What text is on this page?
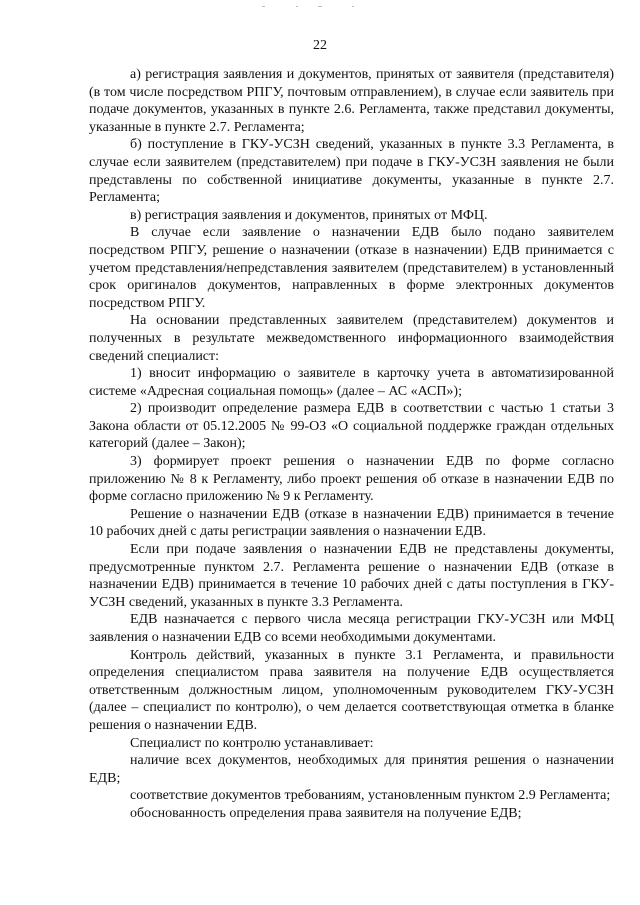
22

а) регистрация заявления и документов, принятых от заявителя (представителя) (в том числе посредством РПГУ, почтовым отправлением), в случае если заявитель при подаче документов, указанных в пункте 2.6. Регламента, также представил документы, указанные в пункте 2.7. Регламента;

б) поступление в ГКУ-УСЗН сведений, указанных в пункте 3.3 Регламента, в случае если заявителем (представителем) при подаче в ГКУ-УСЗН заявления не были представлены по собственной инициативе документы, указанные в пункте 2.7. Регламента;

в) регистрация заявления и документов, принятых от МФЦ.

В случае если заявление о назначении ЕДВ было подано заявителем посредством РПГУ, решение о назначении (отказе в назначении) ЕДВ принимается с учетом представления/непредставления заявителем (представителем) в установленный срок оригиналов документов, направленных в форме электронных документов посредством РПГУ.

На основании представленных заявителем (представителем) документов и полученных в результате межведомственного информационного взаимодействия сведений специалист:

1) вносит информацию о заявителе в карточку учета в автоматизированной системе «Адресная социальная помощь» (далее – АС «АСП»);

2) производит определение размера ЕДВ в соответствии с частью 1 статьи 3 Закона области от 05.12.2005 № 99-ОЗ «О социальной поддержке граждан отдельных категорий (далее – Закон);

3) формирует проект решения о назначении ЕДВ по форме согласно приложению № 8 к Регламенту, либо проект решения об отказе в назначении ЕДВ по форме согласно приложению № 9 к Регламенту.

Решение о назначении ЕДВ (отказе в назначении ЕДВ) принимается в течение 10 рабочих дней с даты регистрации заявления о назначении ЕДВ.

Если при подаче заявления о назначении ЕДВ не представлены документы, предусмотренные пунктом 2.7. Регламента решение о назначении ЕДВ (отказе в назначении ЕДВ) принимается в течение 10 рабочих дней с даты поступления в ГКУ-УСЗН сведений, указанных в пункте 3.3 Регламента.

ЕДВ назначается с первого числа месяца регистрации ГКУ-УСЗН или МФЦ заявления о назначении ЕДВ со всеми необходимыми документами.

Контроль действий, указанных в пункте 3.1 Регламента, и правильности определения специалистом права заявителя на получение ЕДВ осуществляется ответственным должностным лицом, уполномоченным руководителем ГКУ-УСЗН (далее – специалист по контролю), о чем делается соответствующая отметка в бланке решения о назначении ЕДВ.

Специалист по контролю устанавливает:

наличие всех документов, необходимых для принятия решения о назначении ЕДВ;

соответствие документов требованиям, установленным пунктом 2.9 Регламента;

обоснованность определения права заявителя на получение ЕДВ;
